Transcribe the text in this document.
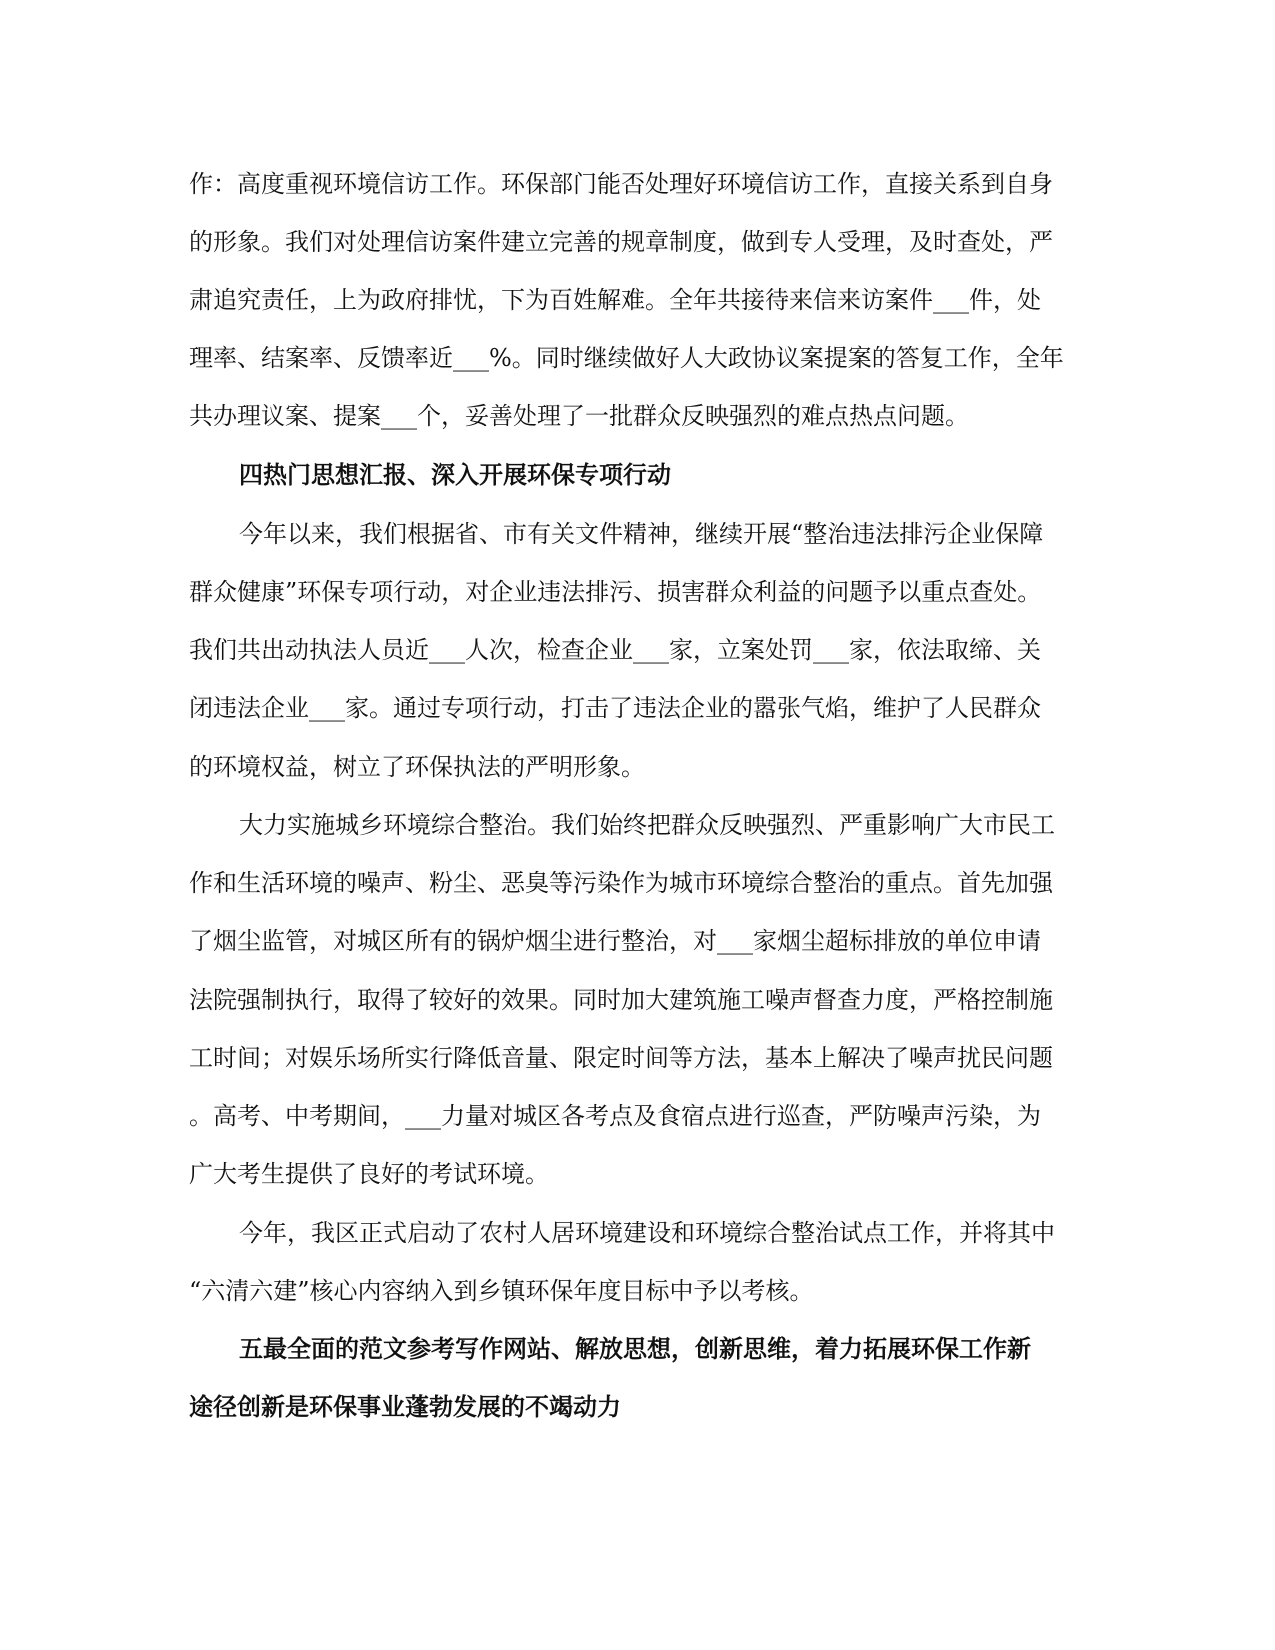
作：高度重视环境信访工作。环保部门能否处理好环境信访工作，直接关系到自身
的形象。我们对处理信访案件建立完善的规章制度，做到专人受理，及时查处，严
肃追究责任，上为政府排忧，下为百姓解难。全年共接待来信来访案件___件，处
理率、结案率、反馈率近___%。同时继续做好人大政协议案提案的答复工作，全年
共办理议案、提案___个，妥善处理了一批群众反映强烈的难点热点问题。
四热门思想汇报、深入开展环保专项行动
今年以来，我们根据省、市有关文件精神，继续开展“整治违法排污企业保障
群众健康”环保专项行动，对企业违法排污、损害群众利益的问题予以重点查处。
我们共出动执法人员近___人次，检查企业___家，立案处罚___家，依法取缔、关
闭违法企业___家。通过专项行动，打击了违法企业的嚣张气焰，维护了人民群众
的环境权益，树立了环保执法的严明形象。
大力实施城乡环境综合整治。我们始终把群众反映强烈、严重影响广大市民工
作和生活环境的噪声、粉尘、恶臭等污染作为城市环境综合整治的重点。首先加强
了烟尘监管，对城区所有的锅炉烟尘进行整治，对___家烟尘超标排放的单位申请
法院强制执行，取得了较好的效果。同时加大建筑施工噪声督查力度，严格控制施
工时间；对娱乐场所实行降低音量、限定时间等方法，基本上解决了噪声扰民问题
。高考、中考期间，___力量对城区各考点及食宿点进行巡查，严防噪声污染，为
广大考生提供了良好的考试环境。
今年，我区正式启动了农村人居环境建设和环境综合整治试点工作，并将其中
“六清六建”核心内容纳入到乡镇环保年度目标中予以考核。
五最全面的范文参考写作网站、解放思想，创新思维，着力拓展环保工作新
途径创新是环保事业蓬勃发展的不竭动力
